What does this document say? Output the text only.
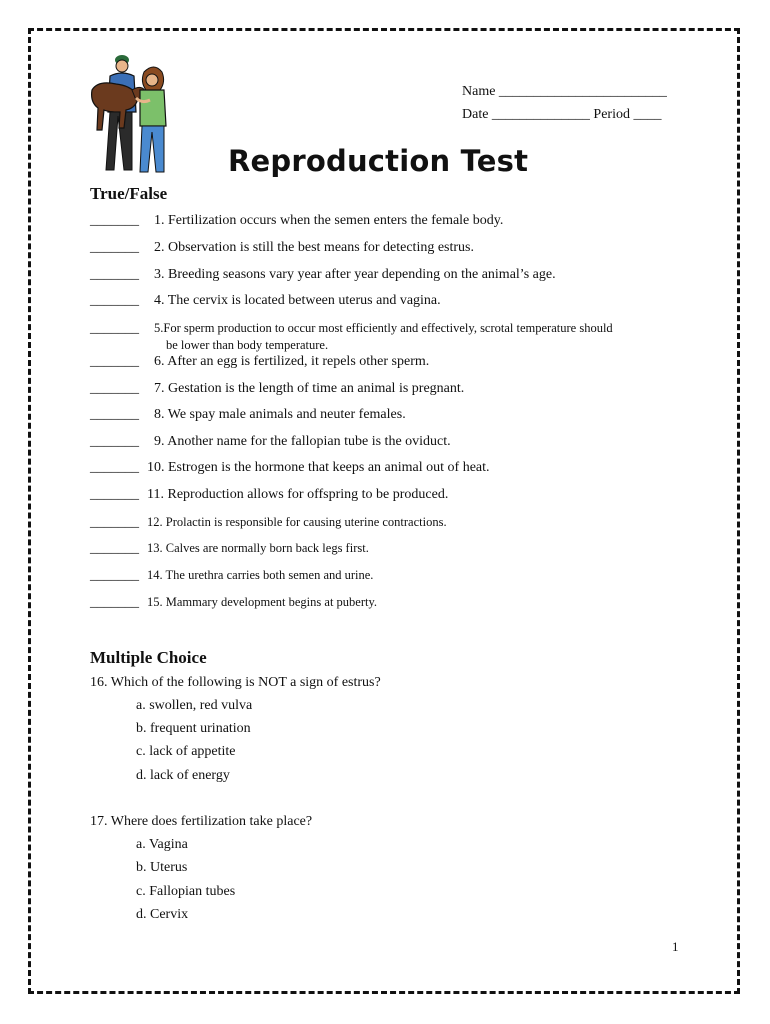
Name ________________________
Date ______________ Period ____
Reproduction Test
True/False
_______ 1. Fertilization occurs when the semen enters the female body.
_______ 2. Observation is still the best means for detecting estrus.
_______ 3. Breeding seasons vary year after year depending on the animal’s age.
_______ 4. The cervix is located between uterus and vagina.
_______ 5.For sperm production to occur most efficiently and effectively, scrotal temperature should
be lower than body temperature.
_______ 6. After an egg is fertilized, it repels other sperm.
_______ 7. Gestation is the length of time an animal is pregnant.
_______ 8. We spay male animals and neuter females.
_______ 9. Another name for the fallopian tube is the oviduct.
_______ 10. Estrogen is the hormone that keeps an animal out of heat.
_______ 11. Reproduction allows for offspring to be produced.
_______ 12. Prolactin is responsible for causing uterine contractions.
_______ 13. Calves are normally born back legs first.
_______ 14. The urethra carries both semen and urine.
_______ 15. Mammary development begins at puberty.
Multiple Choice
16. Which of the following is NOT a sign of estrus?
a. swollen, red vulva
b. frequent urination
c. lack of appetite
d. lack of energy
17. Where does fertilization take place?
a. Vagina
b. Uterus
c. Fallopian tubes
d. Cervix
1
